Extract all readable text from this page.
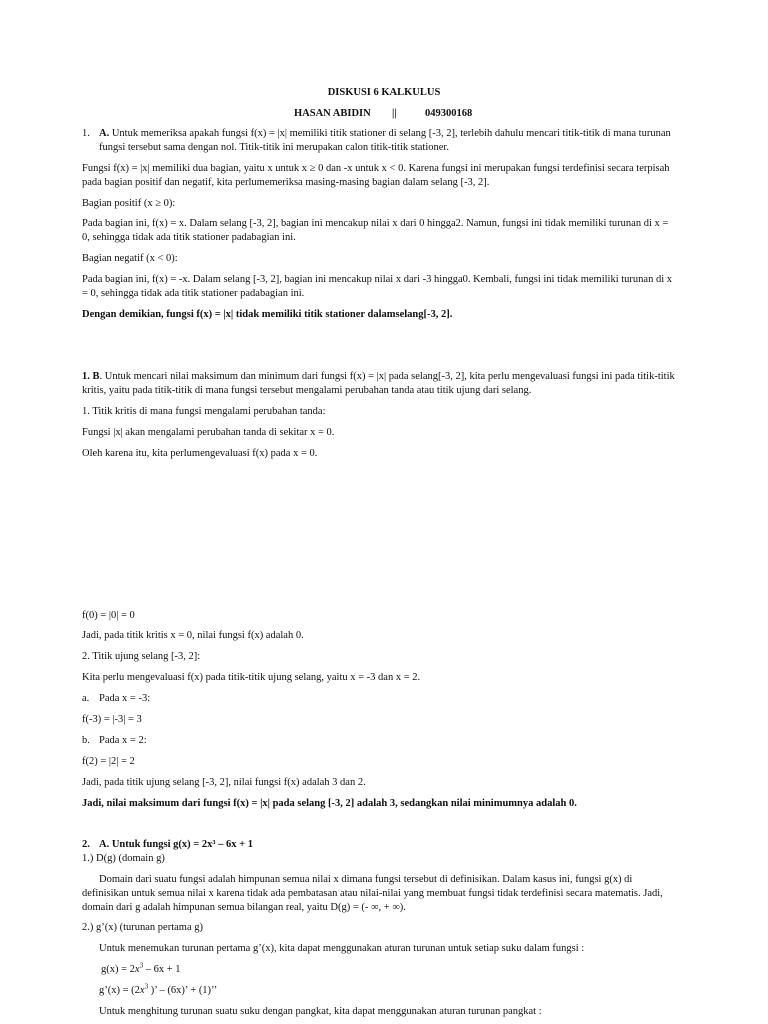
DISKUSI 6 KALKULUS
HASAN ABIDIN ||	049300168
1. A. Untuk memeriksa apakah fungsi f(x) = |x| memiliki titik stationer di selang [-3, 2], terlebih dahulu mencari titik-titik di mana turunan
fungsi tersebut sama dengan nol. Titik-titik ini merupakan calon titik-titik stationer.
Fungsi f(x) = |x| memiliki dua bagian, yaitu x untuk x ≥ 0 dan -x untuk x < 0. Karena fungsi ini merupakan fungsi terdefinisi secara terpisah
pada bagian positif dan negatif, kita perlumemeriksa masing-masing bagian dalam selang [-3, 2].
Bagian positif (x ≥ 0):
Pada bagian ini, f(x) = x. Dalam selang [-3, 2], bagian ini mencakup nilai x dari 0 hingga2. Namun, fungsi ini tidak memiliki turunan di x =
0, sehingga tidak ada titik stationer padabagian ini.
Bagian negatif (x < 0):
Pada bagian ini, f(x) = -x. Dalam selang [-3, 2], bagian ini mencakup nilai x dari -3 hingga0. Kembali, fungsi ini tidak memiliki turunan di x
= 0, sehingga tidak ada titik stationer padabagian ini.
Dengan demikian, fungsi f(x) = |x| tidak memiliki titik stationer dalamselang[-3, 2].
1. B. Untuk mencari nilai maksimum dan minimum dari fungsi f(x) = |x| pada selang[-3, 2], kita perlu mengevaluasi fungsi ini pada titik-titik
kritis, yaitu pada titik-titik di mana fungsi tersebut mengalami perubahan tanda atau titik ujung dari selang.
1. Titik kritis di mana fungsi mengalami perubahan tanda:
Fungsi |x| akan mengalami perubahan tanda di sekitar x = 0.
Oleh karena itu, kita perlumengevaluasi f(x) pada x = 0.
f(0) = |0| = 0
Jadi, pada titik kritis x = 0, nilai fungsi f(x) adalah 0.
2. Titik ujung selang [-3, 2]:
Kita perlu mengevaluasi f(x) pada titik-titik ujung selang, yaitu x = -3 dan x = 2.
a. Pada x = -3:
f(-3) = |-3| = 3
b. Pada x = 2:
f(2) = |2| = 2
Jadi, pada titik ujung selang [-3, 2], nilai fungsi f(x) adalah 3 dan 2.
Jadi, nilai maksimum dari fungsi f(x) = |x| pada selang [-3, 2] adalah 3, sedangkan nilai minimumnya adalah 0.
2. A. Untuk fungsi g(x) = 2x³ – 6x + 1
1.) D(g) (domain g)
Domain dari suatu fungsi adalah himpunan semua nilai x dimana fungsi tersebut di definisikan. Dalam kasus ini, fungsi g(x) di
definisikan untuk semua nilai x karena tidak ada pembatasan atau nilai-nilai yang membuat fungsi tidak terdefinisi secara matematis. Jadi,
domain dari g adalah himpunan semua bilangan real, yaitu D(g) = (- ∞, + ∞).
2.) g’(x) (turunan pertama g)
Untuk menemukan turunan pertama g’(x), kita dapat menggunakan aturan turunan untuk setiap suku dalam fungsi :
$g(x) = 2x^3 - 6x + 1$
g’(x) = ($2x^3$ )’ – (6x)’ + (1)’’
Untuk menghitung turunan suatu suku dengan pangkat, kita dapat menggunakan aturan turunan pangkat :
